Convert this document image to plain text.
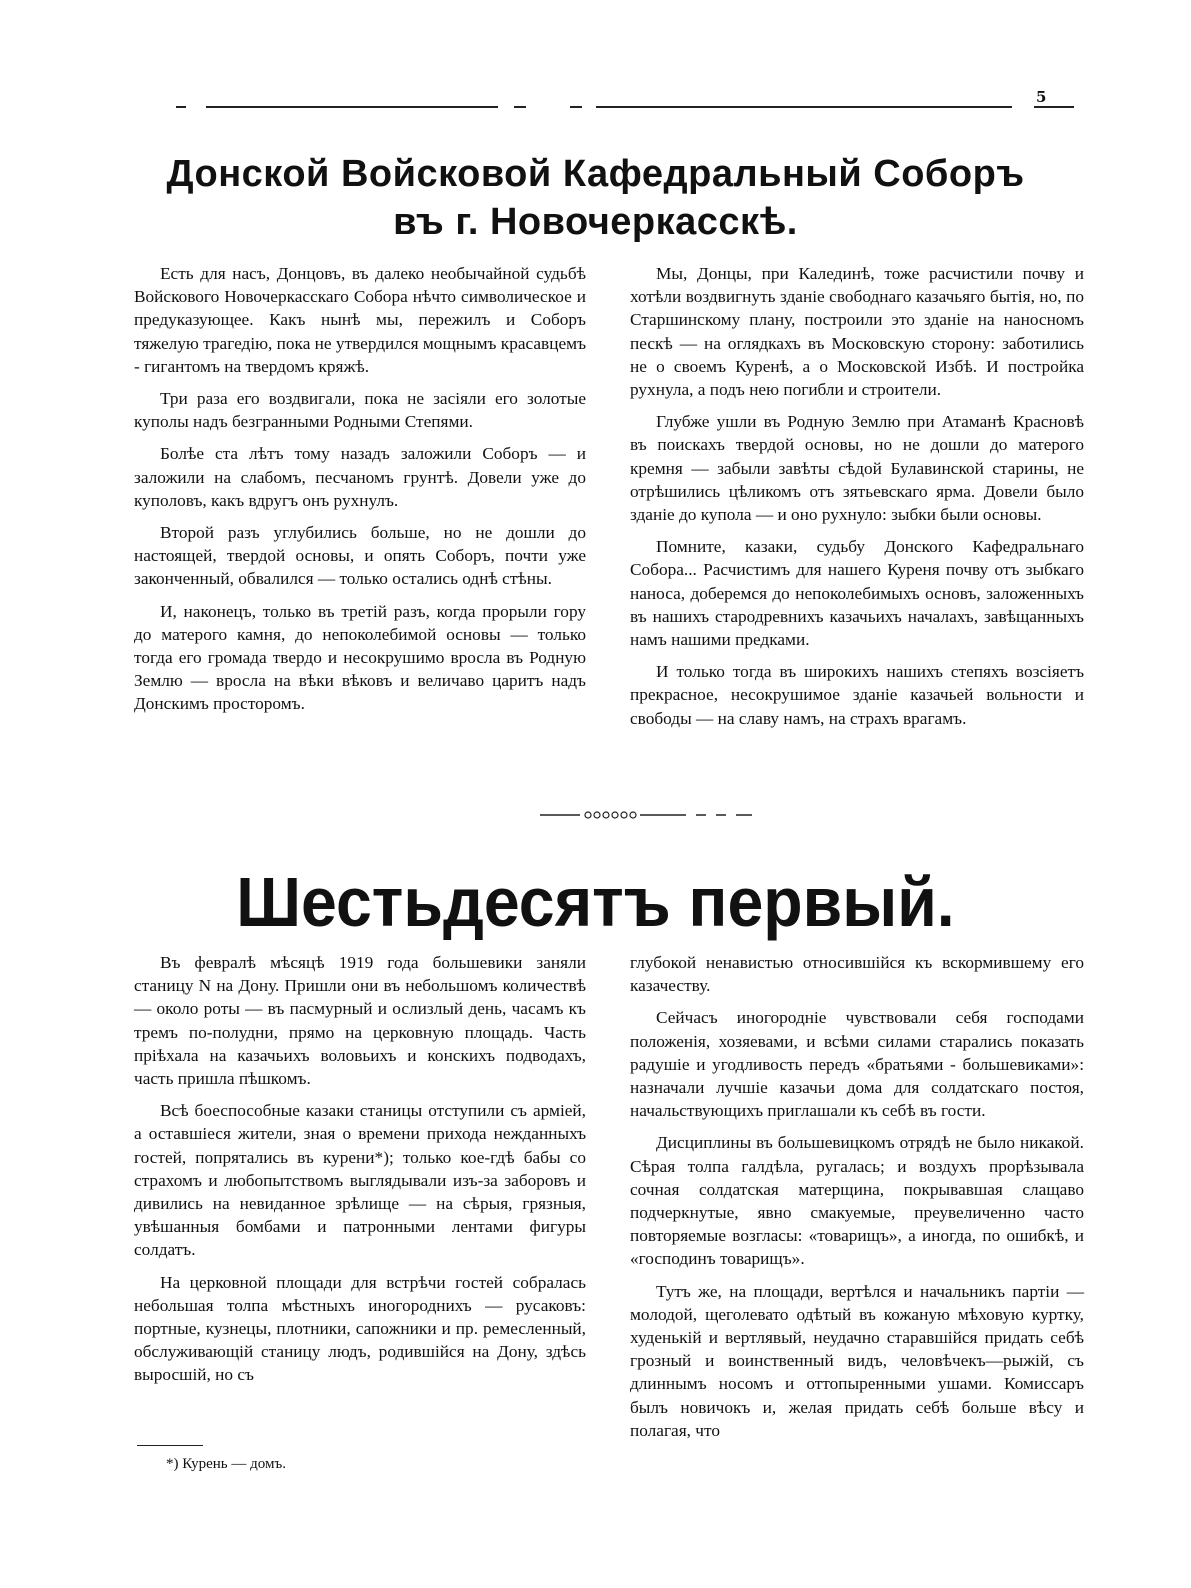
5
Донской Войсковой Кафедральный Соборъ
въ г. Новочеркасскѣ.

Есть для насъ, Донцовъ, въ далеко необычайной судьбѣ Войскового Новочеркасскаго Собора нѣчто символическое и предуказующее. Какъ нынѣ мы, пережилъ и Соборъ тяжелую трагедію, пока не утвердился мощнымъ красавцемъ - гигантомъ на твердомъ кряжѣ.

Три раза его воздвигали, пока не засіяли его золотые куполы надъ безгранными Родными Степями.

Болѣе ста лѣтъ тому назадъ заложили Соборъ — и заложили на слабомъ, песчаномъ грунтѣ. Довели уже до куполовъ, какъ вдругъ онъ рухнулъ.

Второй разъ углубились больше, но не дошли до настоящей, твердой основы, и опять Соборъ, почти уже законченный, обвалился — только остались однѣ стѣны.

И, наконецъ, только въ третій разъ, когда прорыли гору до матерого камня, до непоколебимой основы — только тогда его громада твердо и несокрушимо вросла въ Родную Землю — вросла на вѣки вѣковъ и величаво царитъ надъ Донскимъ просторомъ.

Мы, Донцы, при Калединѣ, тоже расчистили почву и хотѣли воздвигнуть зданіе свободнаго казачьяго бытія, но, по Старшинскому плану, построили это зданіе на наносномъ пескѣ — на оглядкахъ въ Московскую сторону: заботились не о своемъ Куренѣ, а о Московской Избѣ. И постройка рухнула, а подъ нею погибли и строители.

Глубже ушли въ Родную Землю при Атаманѣ Красновѣ въ поискахъ твердой основы, но не дошли до матерого кремня — забыли завѣты сѣдой Булавинской старины, не отрѣшились цѣликомъ отъ зятьевскаго ярма. Довели было зданіе до купола — и оно рухнуло: зыбки были основы.

Помните, казаки, судьбу Донского Кафедральнаго Собора... Расчистимъ для нашего Куреня почву отъ зыбкаго наноса, доберемся до непоколебимыхъ основъ, заложенныхъ въ нашихъ стародревнихъ казачьихъ началахъ, завѣщанныхъ намъ нашими предками.

И только тогда въ широкихъ нашихъ степяхъ возсіяетъ прекрасное, несокрушимое зданіе казачьей вольности и свободы — на славу намъ, на страхъ врагамъ.

Шестьдесятъ первый.

Въ февралѣ мѣсяцѣ 1919 года большевики заняли станицу N на Дону. Пришли они въ небольшомъ количествѣ — около роты — въ пасмурный и ослизлый день, часамъ къ тремъ по-полудни, прямо на церковную площадь. Часть пріѣхала на казачьихъ воловьихъ и конскихъ подводахъ, часть пришла пѣшкомъ.

Всѣ боеспособные казаки станицы отступили съ арміей, а оставшіеся жители, зная о времени прихода нежданныхъ гостей, попрятались въ курени*); только кое-гдѣ бабы со страхомъ и любопытствомъ выглядывали изъ-за заборовъ и дивились на невиданное зрѣлище — на сѣрыя, грязныя, увѣшанныя бомбами и патронными лентами фигуры солдатъ.

На церковной площади для встрѣчи гостей собралась небольшая толпа мѣстныхъ иногороднихъ — русаковъ: портные, кузнецы, плотники, сапожники и пр. ремесленный, обслуживающій станицу людъ, родившійся на Дону, здѣсь выросшій, но съ

глубокой ненавистью относившійся къ вскормившему его казачеству.

Сейчасъ иногородніе чувствовали себя господами положенія, хозяевами, и всѣми силами старались показать радушіе и угодливость передъ «братьями - большевиками»: назначали лучшіе казачьи дома для солдатскаго постоя, начальствующихъ приглашали къ себѣ въ гости.

Дисциплины въ большевицкомъ отрядѣ не было никакой. Сѣрая толпа галдѣла, ругалась; и воздухъ прорѣзывала сочная солдатская матерщина, покрывавшая слащаво подчеркнутые, явно смакуемые, преувеличенно часто повторяемые возгласы: «товарищъ», а иногда, по ошибкѣ, и «господинъ товарищъ».

Тутъ же, на площади, вертѣлся и начальникъ партіи — молодой, щеголевато одѣтый въ кожаную мѣховую куртку, худенькій и вертлявый, неудачно старавшійся придать себѣ грозный и воинственный видъ, человѣчекъ—рыжій, съ длиннымъ носомъ и оттопыренными ушами. Комиссаръ былъ новичокъ и, желая придать себѣ больше вѣсу и полагая, что

*) Курень — домъ.
